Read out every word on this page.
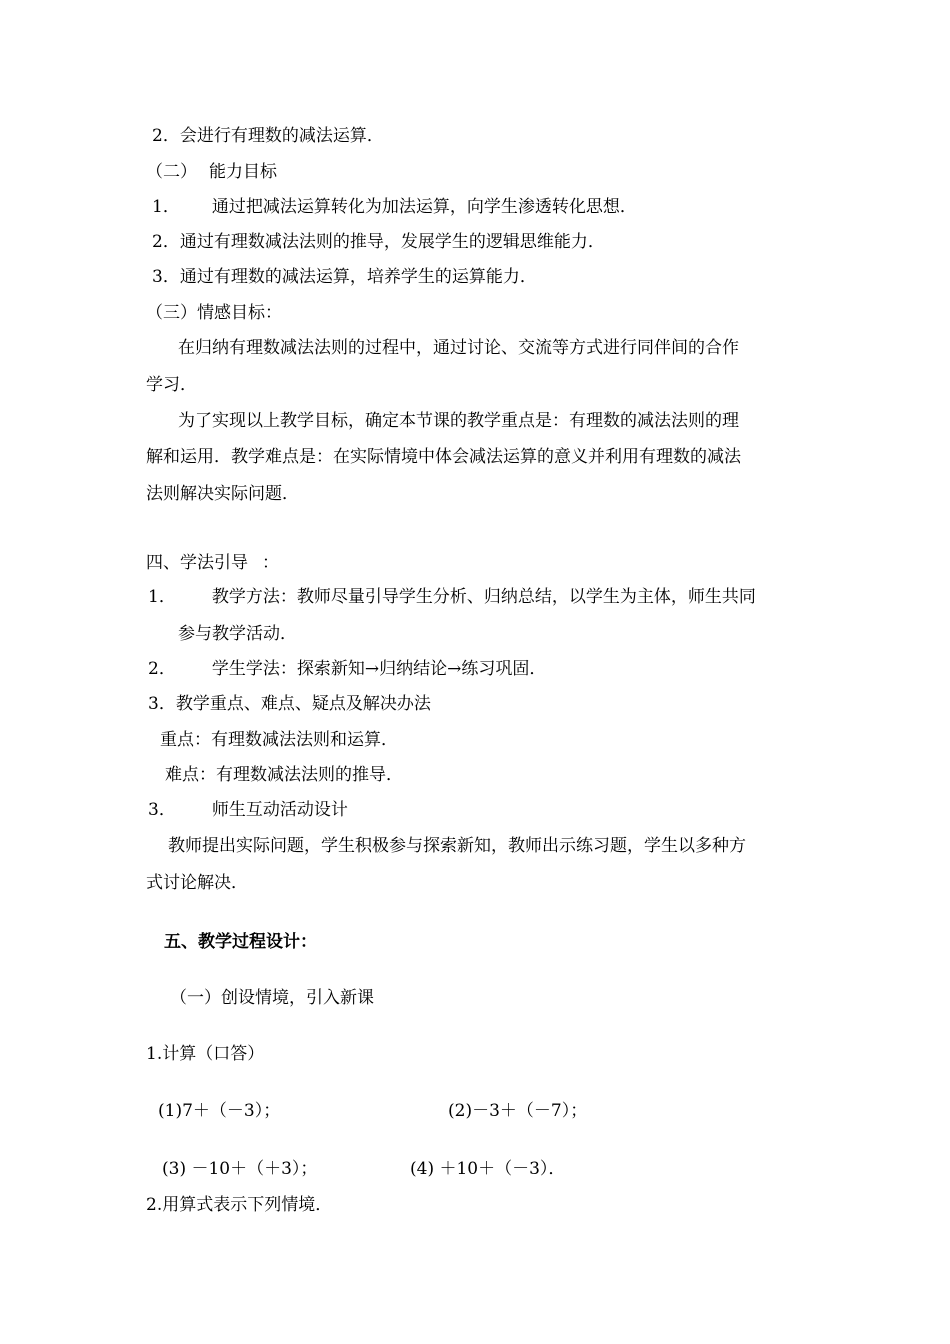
2．会进行有理数的减法运算．
（二） 能力目标
1． 通过把减法运算转化为加法运算，向学生渗透转化思想．
2．通过有理数减法法则的推导，发展学生的逻辑思维能力．
3．通过有理数的减法运算，培养学生的运算能力．
（三）情感目标：
在归纳有理数减法法则的过程中，通过讨论、交流等方式进行同伴间的合作
学习．
为了实现以上教学目标，确定本节课的教学重点是：有理数的减法法则的理
解和运用．教学难点是：在实际情境中体会减法运算的意义并利用有理数的减法
法则解决实际问题．
四、学法引导 ：
1． 教学方法：教师尽量引导学生分析、归纳总结，以学生为主体，师生共同
参与教学活动．
2． 学生学法：探索新知→归纳结论→练习巩固．
3．教学重点、难点、疑点及解决办法
重点：有理数减法法则和运算．
难点：有理数减法法则的推导．
3． 师生互动活动设计
教师提出实际问题，学生积极参与探索新知，教师出示练习题，学生以多种方
式讨论解决．
五、教学过程设计：
（一）创设情境，引入新课
1.计算（口答）
(1)7＋（－3）；	(2)－3＋（－7）；
(3) －10＋（＋3）；	(4) ＋10＋（－3）．
2.用算式表示下列情境．
